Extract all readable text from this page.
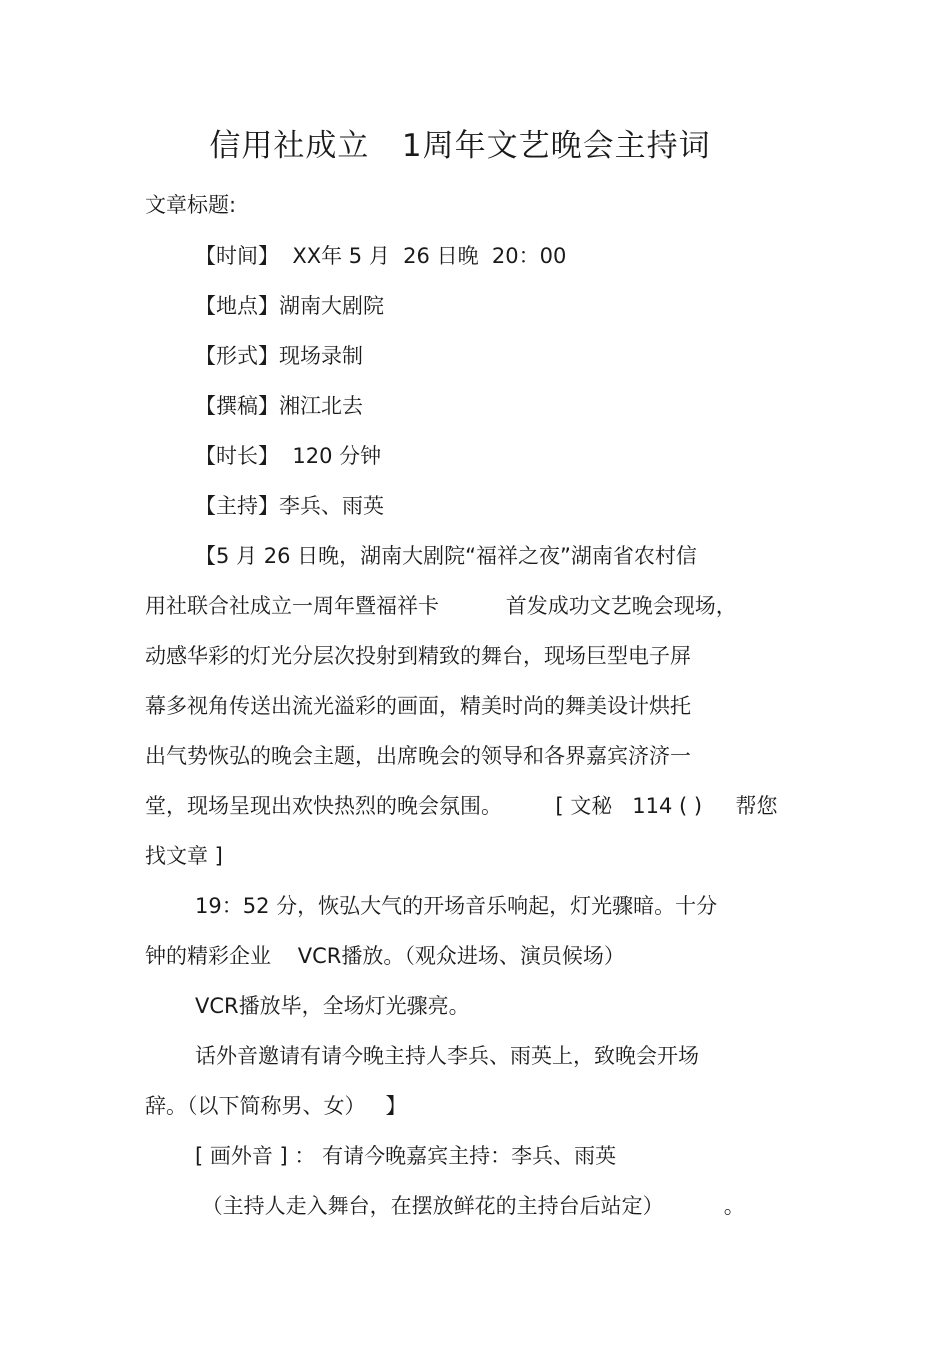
信用社成立   1周年文艺晚会主持词
文章标题:
【时间】  XX年 5 月  26 日晚  20：00
【地点】湖南大剧院
【形式】现场录制
【撰稿】湘江北去
【时长】  120 分钟
【主持】李兵、雨英
【5 月 26 日晚，湖南大剧院“福祥之夜”湖南省农村信
用社联合社成立一周年暨福祥卡          首发成功文艺晚会现场，
动感华彩的灯光分层次投射到精致的舞台，现场巨型电子屏
幕多视角传送出流光溢彩的画面，精美时尚的舞美设计烘托
出气势恢弘的晚会主题，出席晚会的领导和各界嘉宾济济一
堂，现场呈现出欢快热烈的晚会氛围。        [ 文秘   114 ( )     帮您
找文章 ]
19：52 分，恢弘大气的开场音乐响起，灯光骤暗。十分
钟的精彩企业    VCR播放。（观众进场、演员候场）
VCR播放毕，全场灯光骤亮。
话外音邀请有请今晚主持人李兵、雨英上，致晚会开场
辞。（以下简称男、女）   】
[ 画外音 ] ： 有请今晚嘉宾主持：李兵、雨英
（主持人走入舞台，在摆放鲜花的主持台后站定）         。
